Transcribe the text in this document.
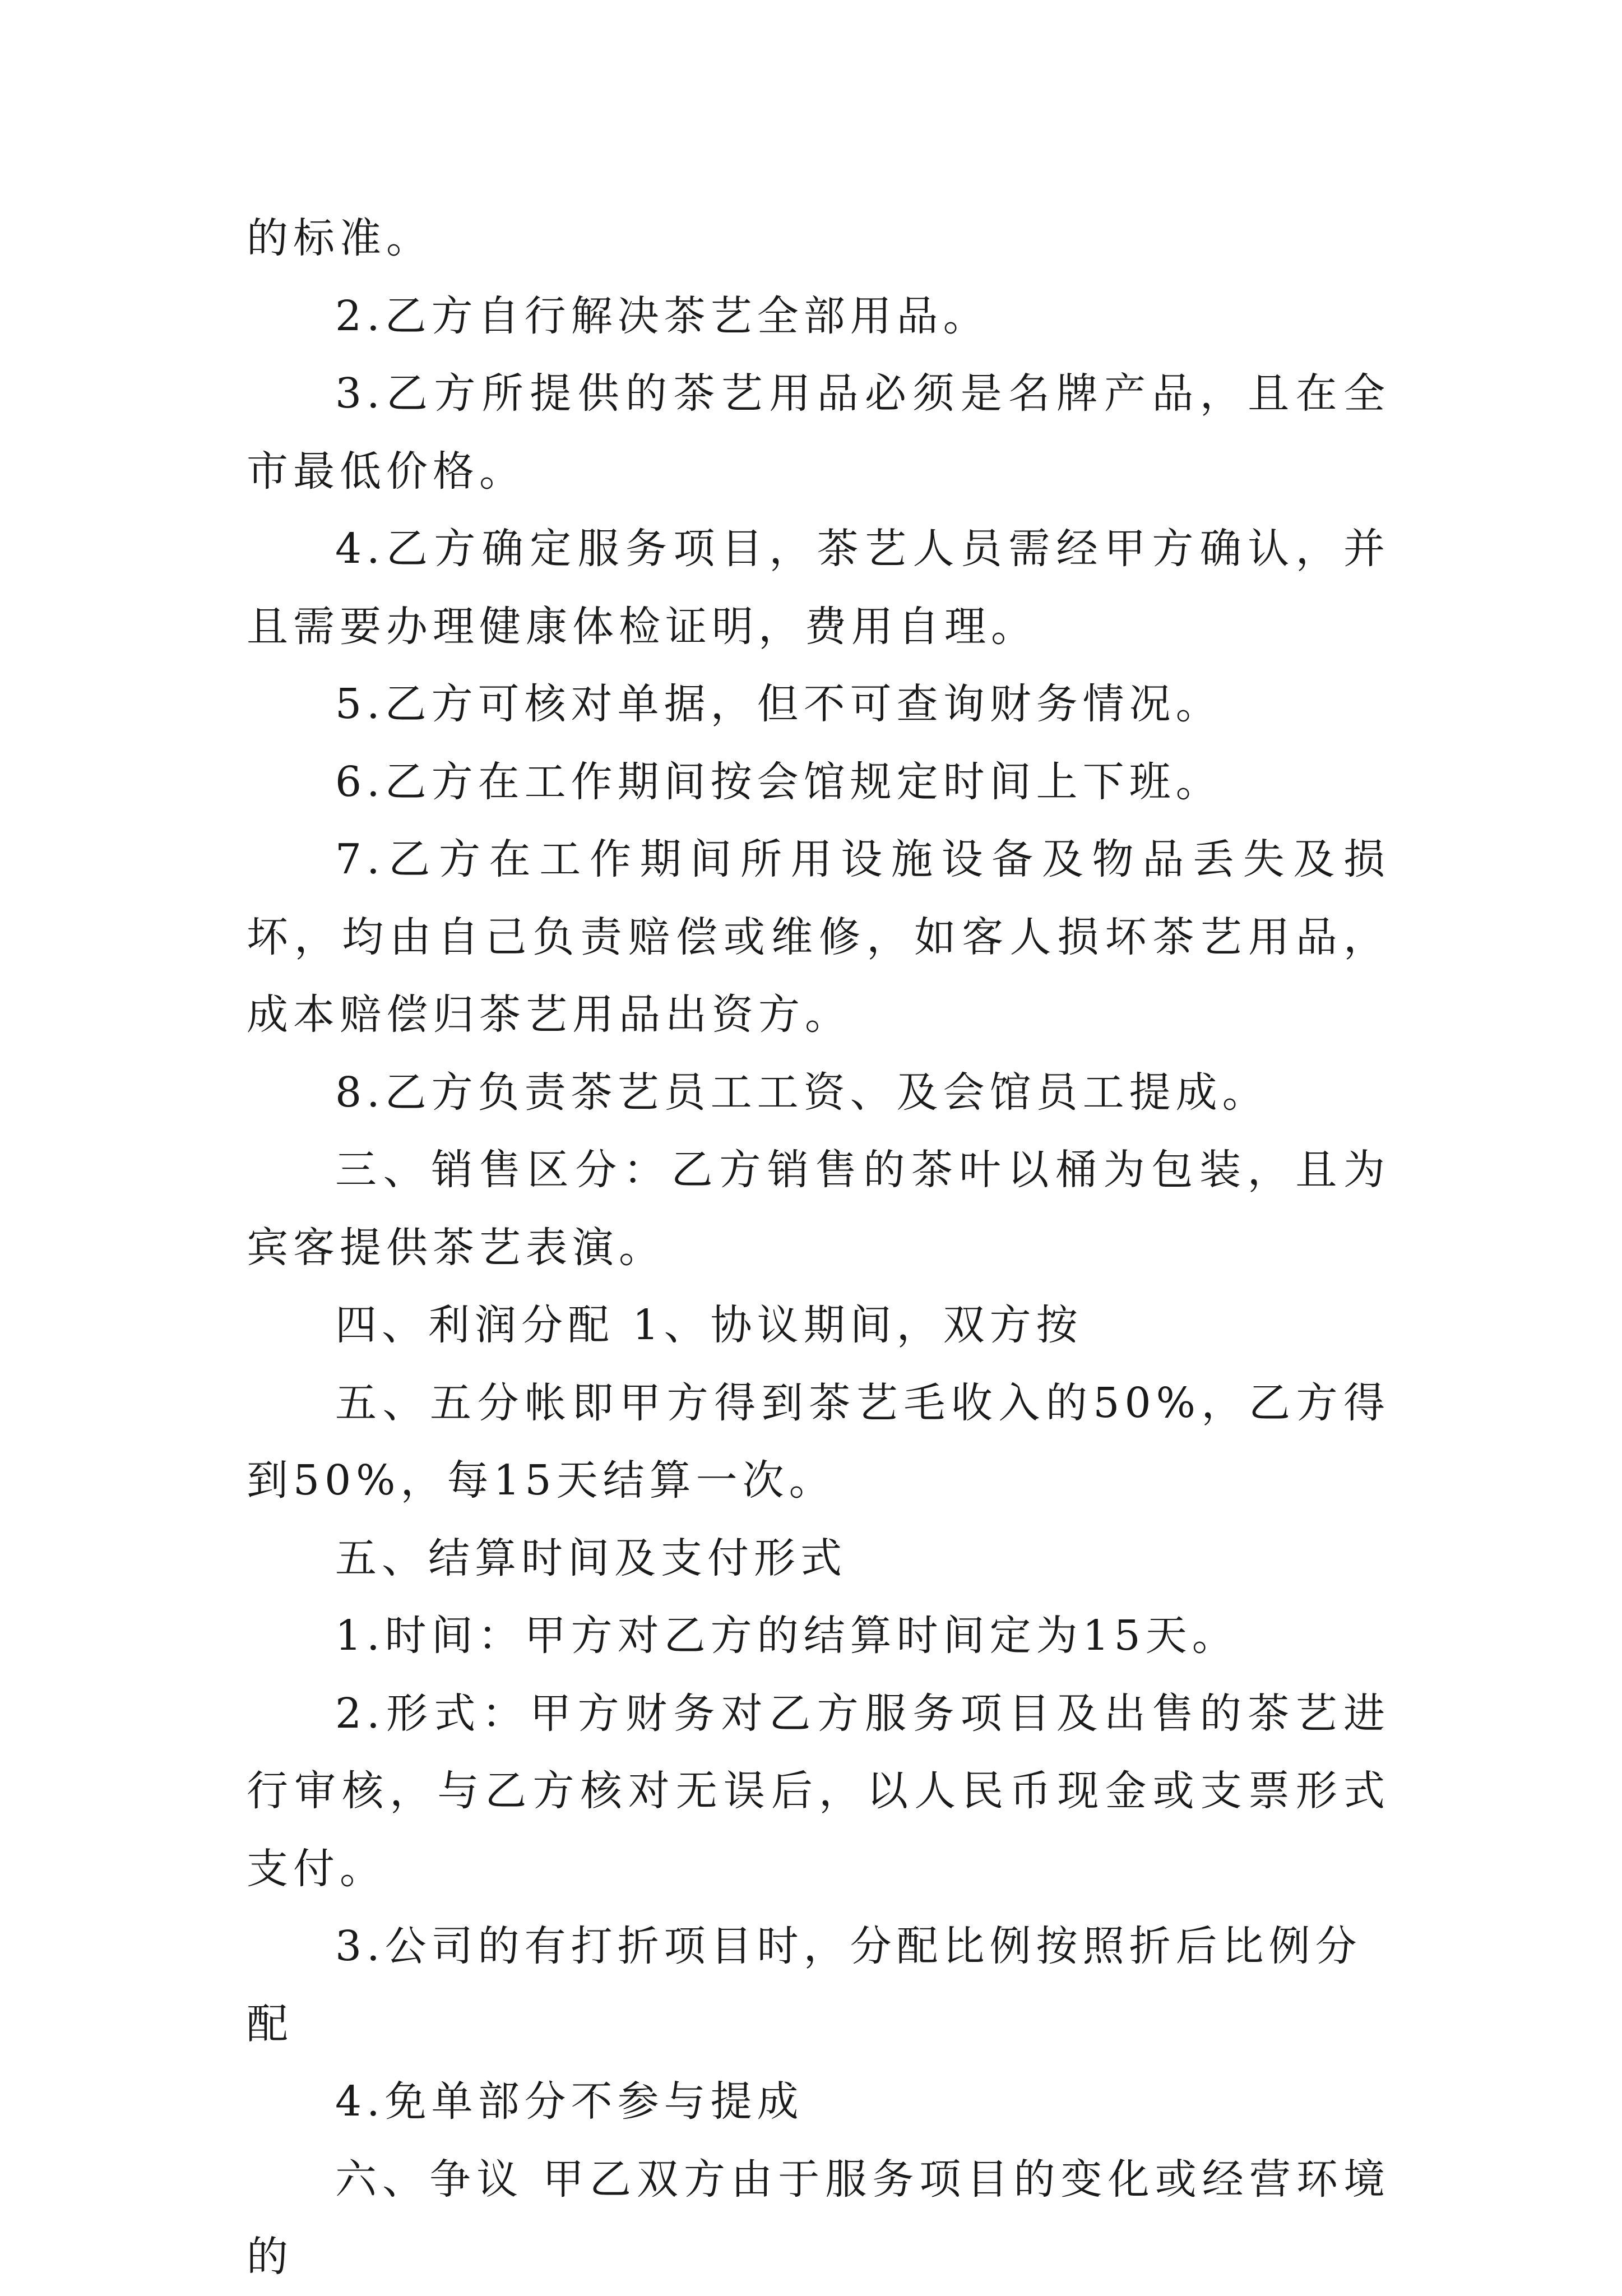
的标准。

2.乙方自行解决茶艺全部用品。

3.乙方所提供的茶艺用品必须是名牌产品，且在全市最低价格。

4.乙方确定服务项目，茶艺人员需经甲方确认，并且需要办理健康体检证明，费用自理。

5.乙方可核对单据，但不可查询财务情况。

6.乙方在工作期间按会馆规定时间上下班。

7.乙方在工作期间所用设施设备及物品丢失及损坏，均由自己负责赔偿或维修，如客人损坏茶艺用品，成本赔偿归茶艺用品出资方。

8.乙方负责茶艺员工工资、及会馆员工提成。

三、销售区分：乙方销售的茶叶以桶为包装，且为宾客提供茶艺表演。

四、利润分配 1、协议期间，双方按

五、五分帐即甲方得到茶艺毛收入的50%，乙方得到50%，每15天结算一次。

五、结算时间及支付形式

1.时间：甲方对乙方的结算时间定为15天。

2.形式：甲方财务对乙方服务项目及出售的茶艺进行审核，与乙方核对无误后，以人民币现金或支票形式支付。

3.公司的有打折项目时，分配比例按照折后比例分配

4.免单部分不参与提成

六、争议 甲乙双方由于服务项目的变化或经营环境的
